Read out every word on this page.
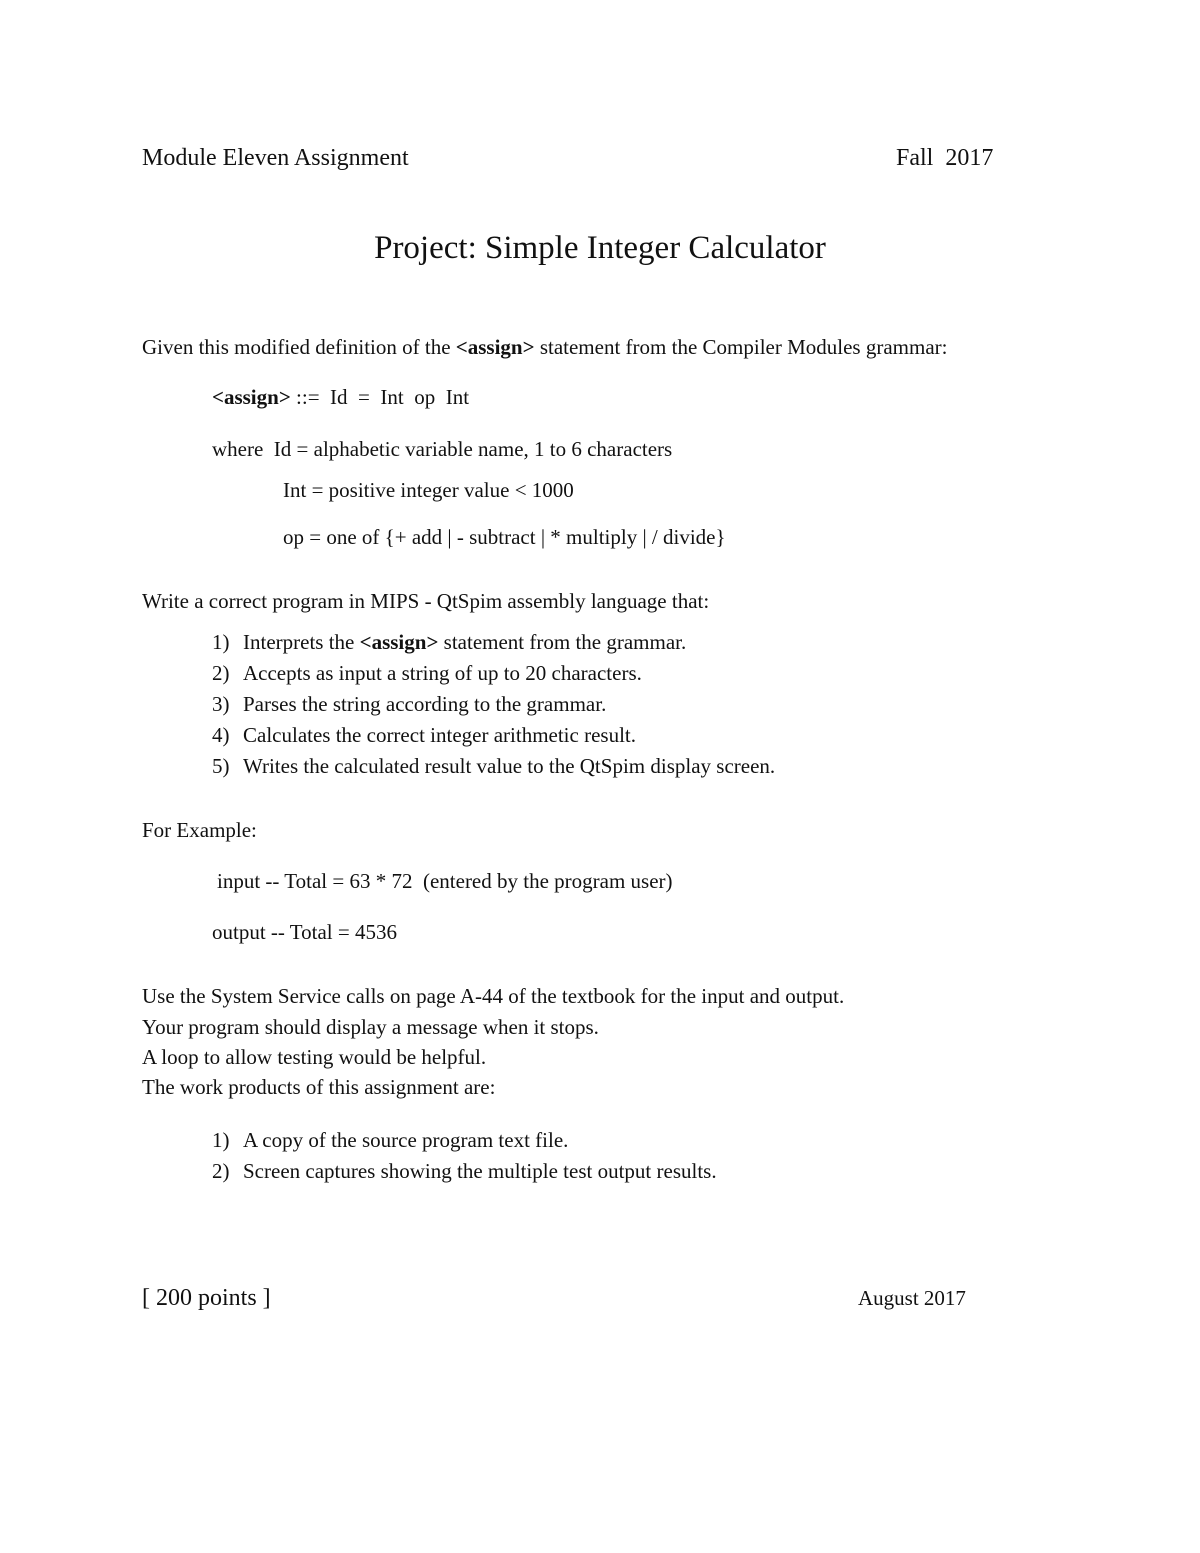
Module Eleven Assignment	Fall  2017
Project: Simple Integer Calculator
Given this modified definition of the <assign> statement from the Compiler Modules grammar:
<assign> ::=  Id  =  Int  op  Int
where  Id = alphabetic variable name, 1 to 6 characters
Int = positive integer value < 1000
op = one of {+ add | - subtract | * multiply | / divide}
Write a correct program in MIPS - QtSpim assembly language that:
1) Interprets the <assign> statement from the grammar.
2) Accepts as input a string of up to 20 characters.
3) Parses the string according to the grammar.
4) Calculates the correct integer arithmetic result.
5) Writes the calculated result value to the QtSpim display screen.
For Example:
input -- Total = 63 * 72  (entered by the program user)
output -- Total = 4536
Use the System Service calls on page A-44 of the textbook for the input and output.
Your program should display a message when it stops.
A loop to allow testing would be helpful.
The work products of this assignment are:
1) A copy of the source program text file.
2) Screen captures showing the multiple test output results.
[ 200 points ]	August 2017
